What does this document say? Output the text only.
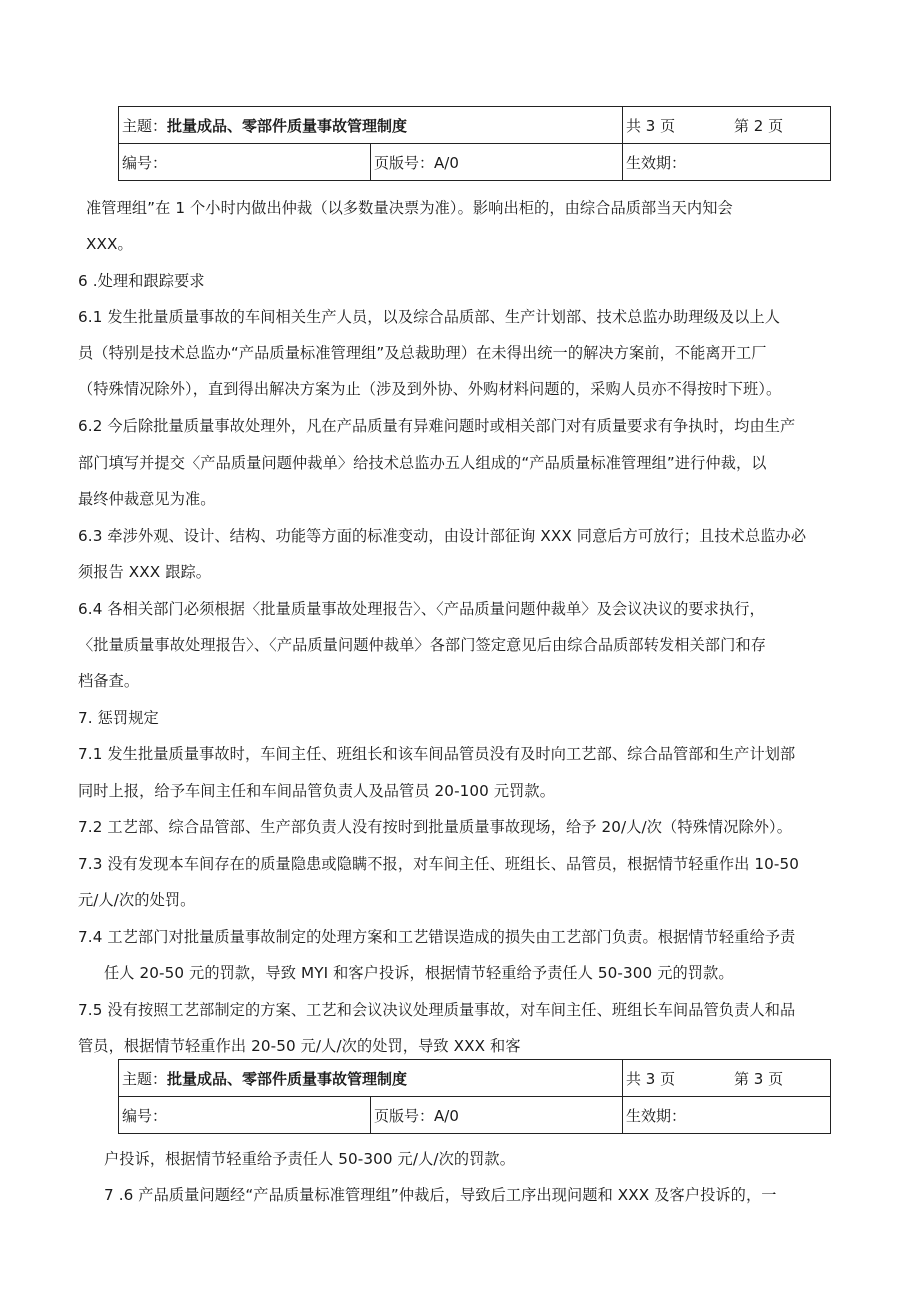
主题：批量成品、零部件质量事故管理制度		共 3 页 第 2 页
编号：	页版号：A/0	生效期：
准管理组”在 1 个小时内做出仲裁（以多数量决票为准）。影响出柜的，由综合品质部当天内知会
XXX。
6 .处理和跟踪要求
6.1 发生批量质量事故的车间相关生产人员，以及综合品质部、生产计划部、技术总监办助理级及以上人
员（特别是技术总监办“产品质量标准管理组”及总裁助理）在未得出统一的解决方案前，不能离开工厂
（特殊情况除外），直到得出解决方案为止（涉及到外协、外购材料问题的，采购人员亦不得按时下班）。
6.2 今后除批量质量事故处理外，凡在产品质量有异难问题时或相关部门对有质量要求有争执时，均由生产
部门填写并提交〈产品质量问题仲裁单〉给技术总监办五人组成的“产品质量标准管理组”进行仲裁，以
最终仲裁意见为准。
6.3 牵涉外观、设计、结构、功能等方面的标准变动，由设计部征询 XXX 同意后方可放行；且技术总监办必
须报告 XXX 跟踪。
6.4 各相关部门必须根据〈批量质量事故处理报告〉、〈产品质量问题仲裁单〉及会议决议的要求执行，
〈批量质量事故处理报告〉、〈产品质量问题仲裁单〉各部门签定意见后由综合品质部转发相关部门和存
档备查。
7. 惩罚规定
7.1 发生批量质量事故时，车间主任、班组长和该车间品管员没有及时向工艺部、综合品管部和生产计划部
同时上报，给予车间主任和车间品管负责人及品管员 20-100 元罚款。
7.2 工艺部、综合品管部、生产部负责人没有按时到批量质量事故现场，给予 20/人/次（特殊情况除外）。
7.3 没有发现本车间存在的质量隐患或隐瞒不报，对车间主任、班组长、品管员，根据情节轻重作出 10-50
元/人/次的处罚。
7.4 工艺部门对批量质量事故制定的处理方案和工艺错误造成的损失由工艺部门负责。根据情节轻重给予责
任人 20-50 元的罚款，导致 MYI 和客户投诉，根据情节轻重给予责任人 50-300 元的罚款。
7.5 没有按照工艺部制定的方案、工艺和会议决议处理质量事故，对车间主任、班组长车间品管负责人和品
管员，根据情节轻重作出 20-50 元/人/次的处罚，导致 XXX 和客
主题：批量成品、零部件质量事故管理制度		共 3 页 第 3 页
编号：	页版号：A/0	生效期：
户投诉，根据情节轻重给予责任人 50-300 元/人/次的罚款。
7 .6 产品质量问题经“产品质量标准管理组”仲裁后，导致后工序出现问题和 XXX 及客户投诉的，一
